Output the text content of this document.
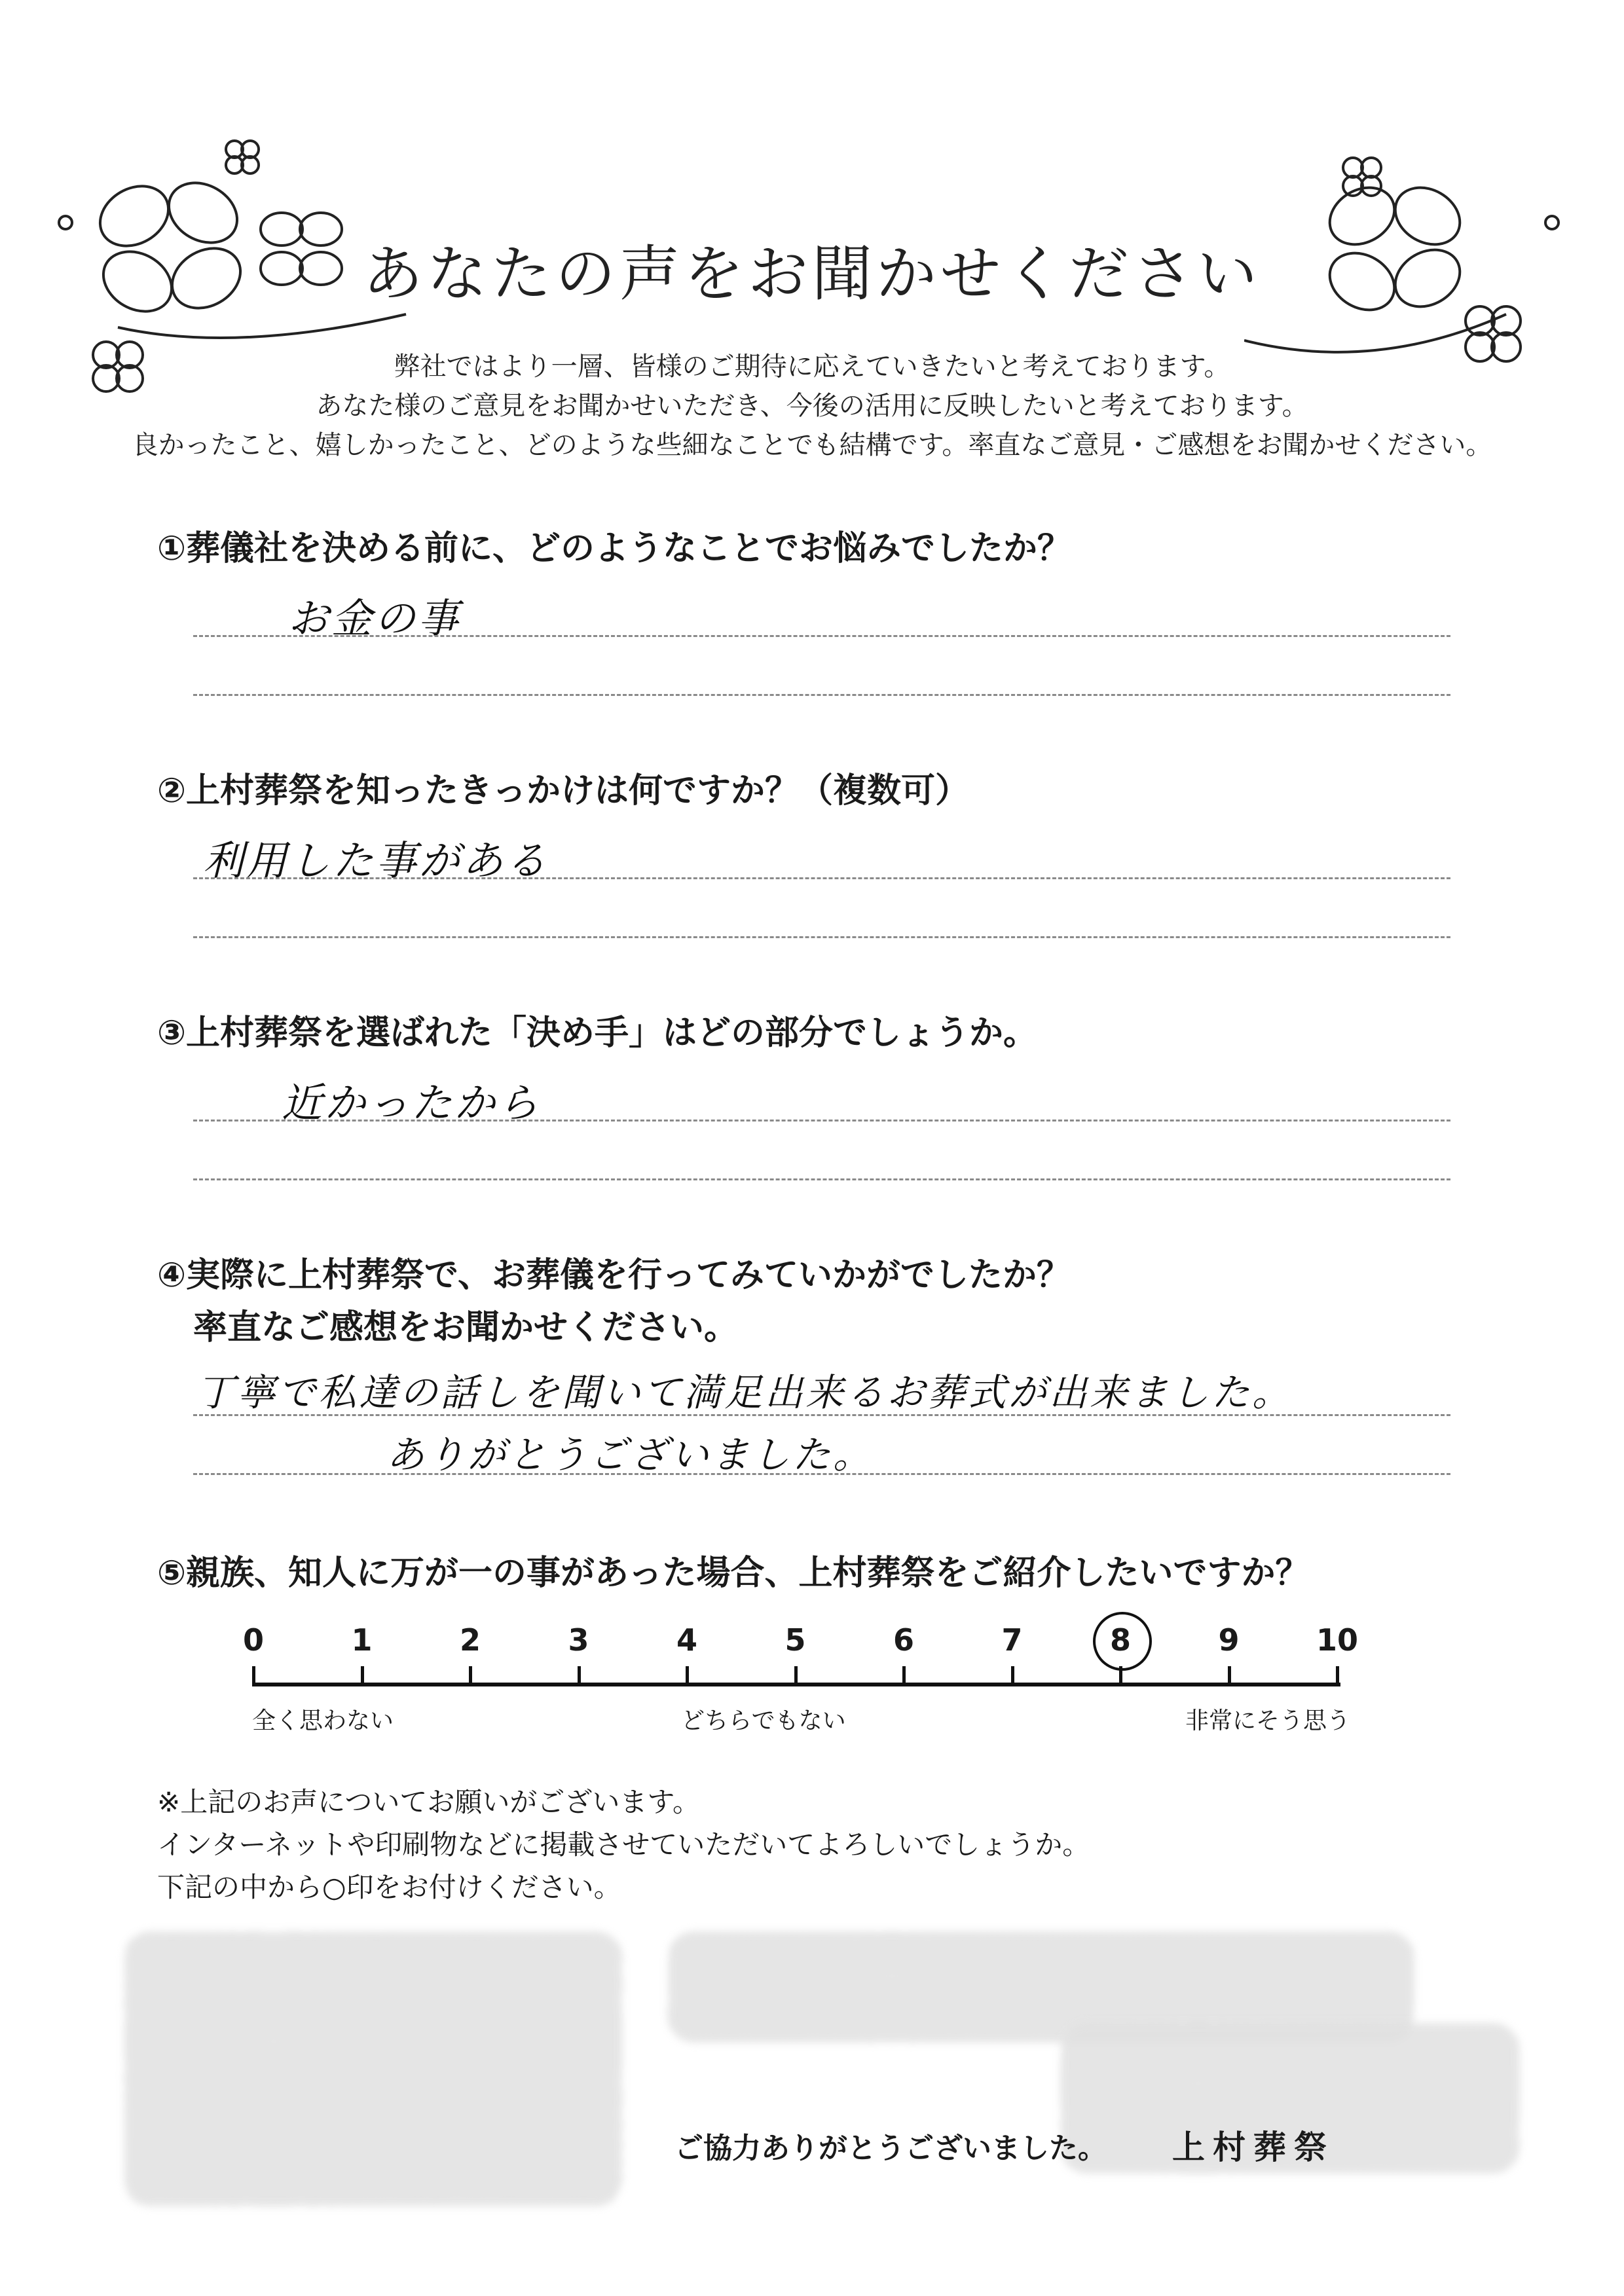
あなたの声をお聞かせください
弊社ではより一層、皆様のご期待に応えていきたいと考えております。
あなた様のご意見をお聞かせいただき、今後の活用に反映したいと考えております。
良かったこと、嬉しかったこと、どのような些細なことでも結構です。率直なご意見・ご感想をお聞かせください。
①葬儀社を決める前に、どのようなことでお悩みでしたか？
お金の事
②上村葬祭を知ったきっかけは何ですか？（複数可）
利用した事がある
③上村葬祭を選ばれた「決め手」はどの部分でしょうか。
近かったから
④実際に上村葬祭で、お葬儀を行ってみていかがでしたか？
率直なご感想をお聞かせください。
丁寧で私達の話しを聞いて満足出来るお葬式が出来ました。
ありがとうございました。
⑤親族、知人に万が一の事があった場合、上村葬祭をご紹介したいですか？
0	1	2	3	4	5	6	7	8	9	10
全く思わない	どちらでもない	非常にそう思う
※上記のお声についてお願いがございます。
インターネットや印刷物などに掲載させていただいてよろしいでしょうか。
下記の中から○印をお付けください。
ご協力ありがとうございました。 上村葬祭
